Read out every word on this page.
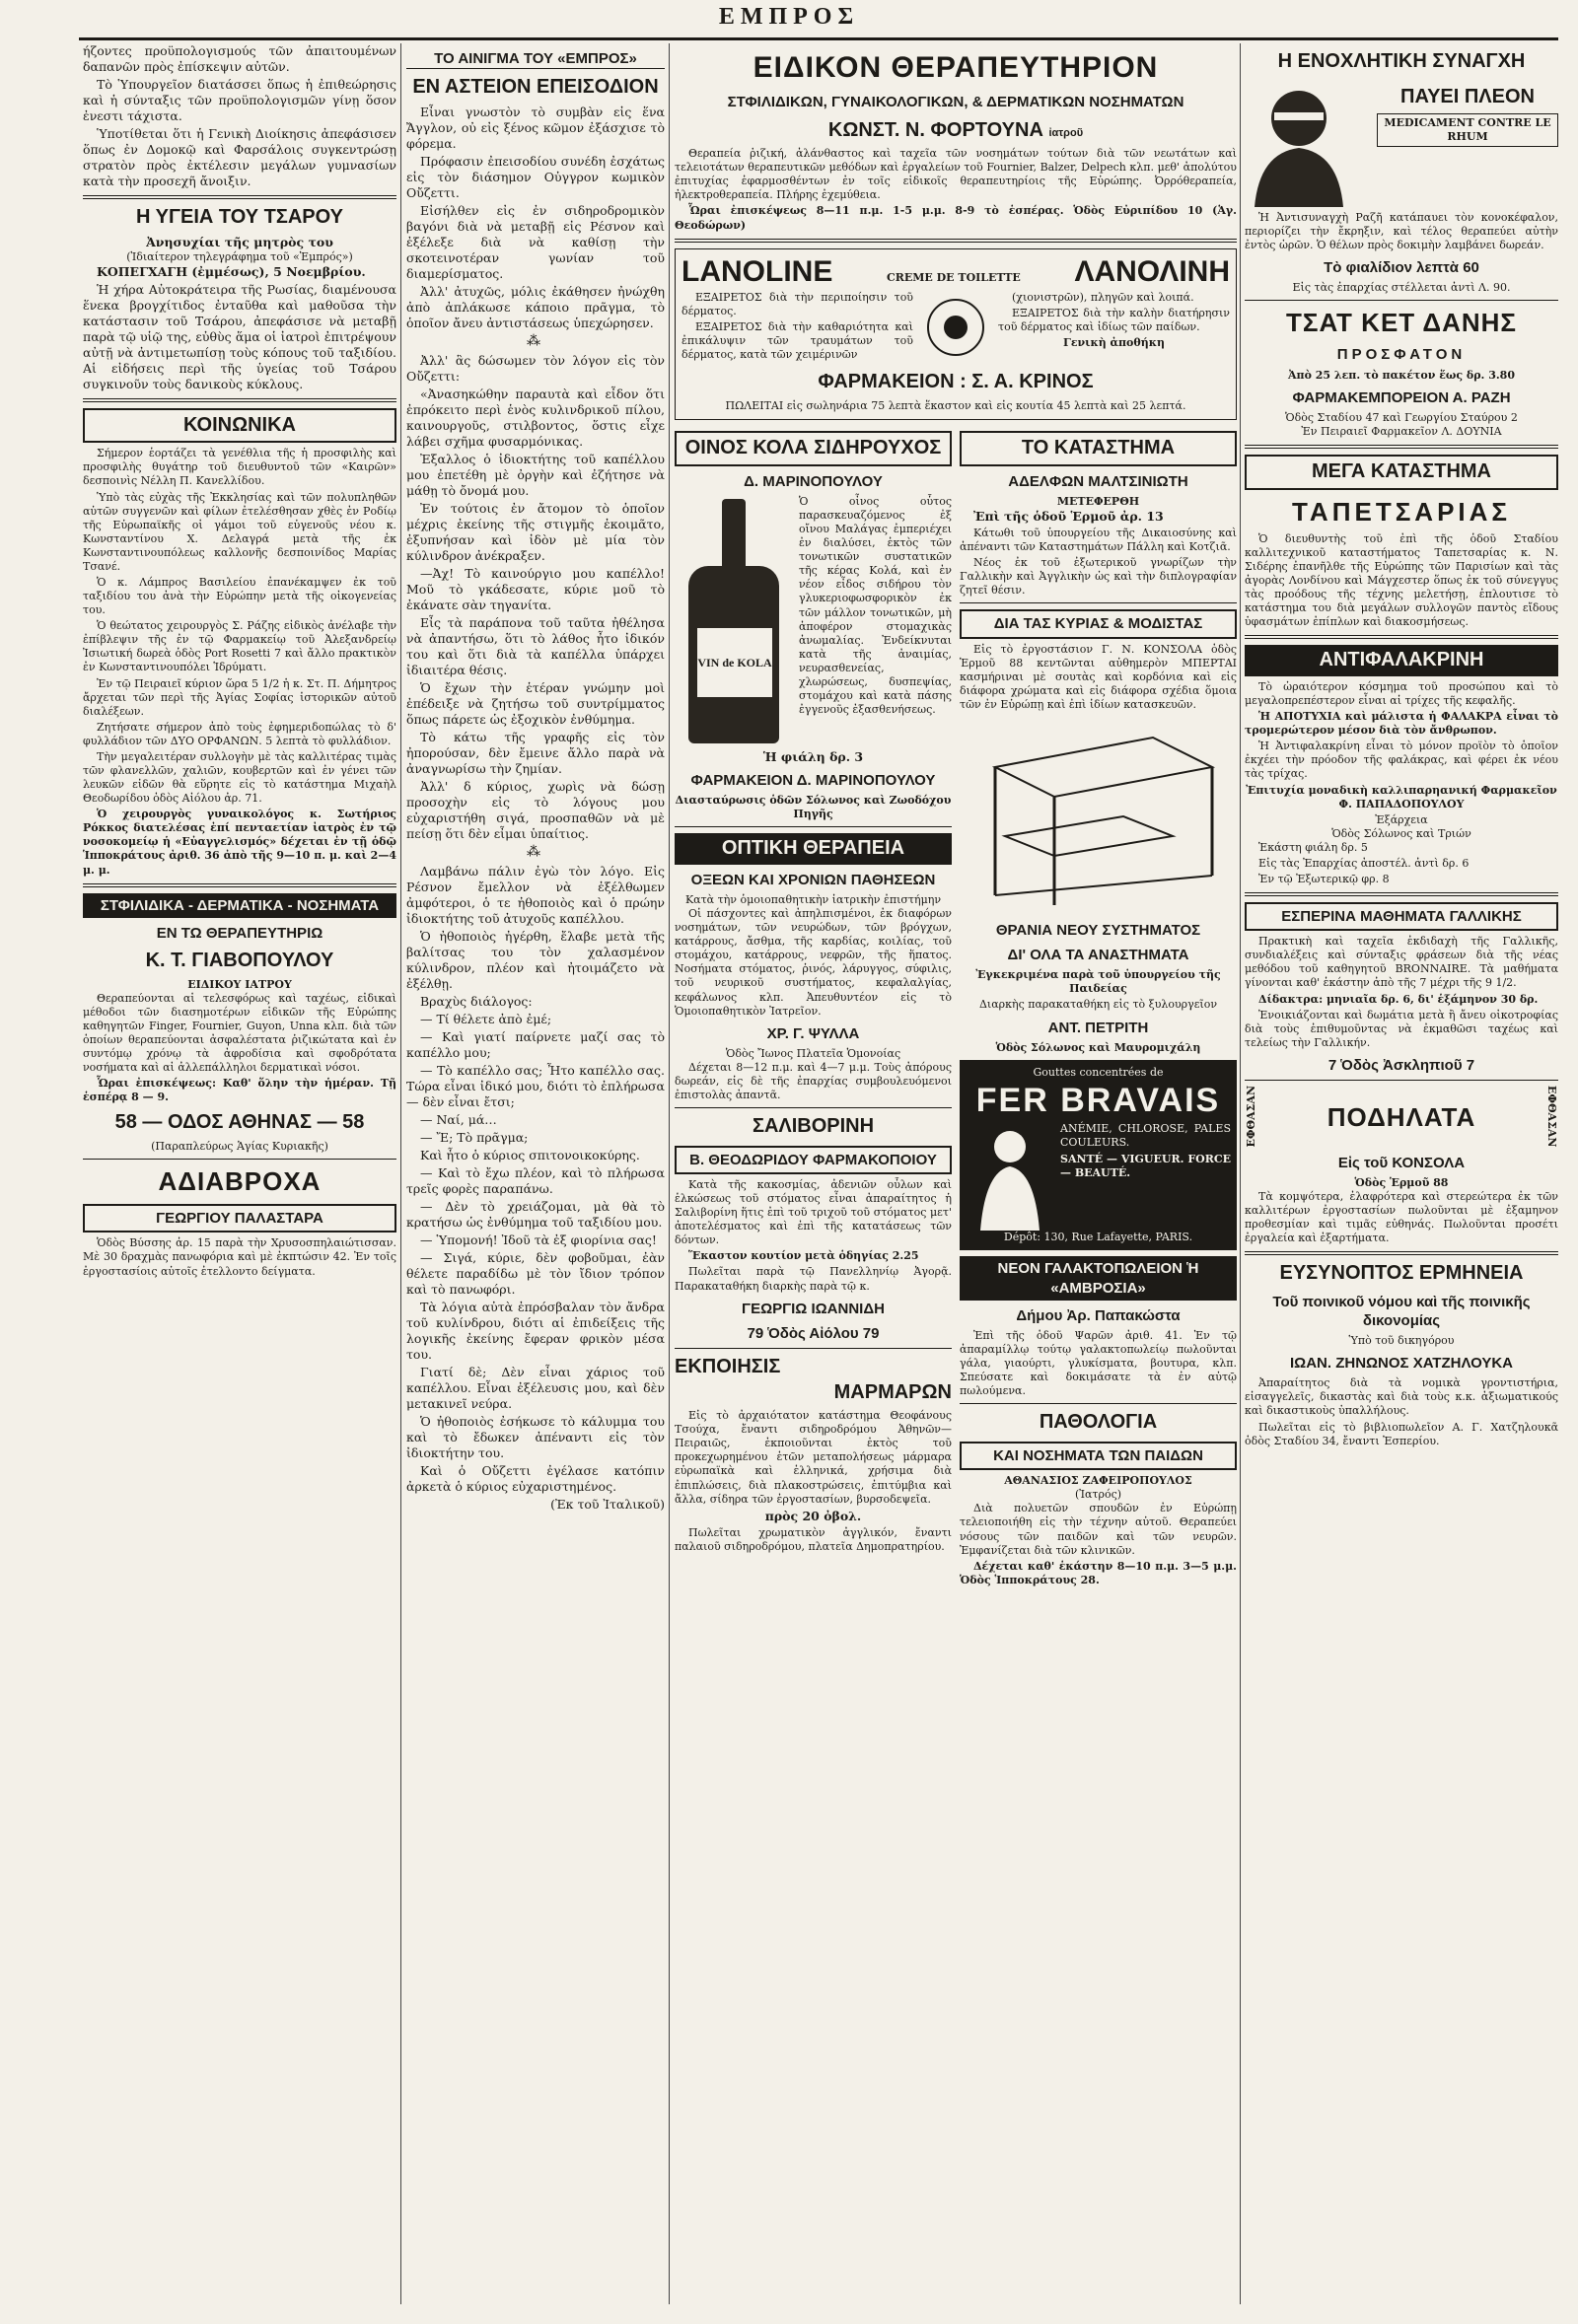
ΕΜΠΡΟΣ

ήζοντες προϋπολογισμούς τῶν ἀπαιτουμένων δαπανῶν πρὸς ἐπίσκεψιν αὐτῶν.

Τὸ Ὑπουργεῖον διατάσσει ὅπως ἡ ἐπιθεώρησις καὶ ἡ σύνταξις τῶν προϋπολογισμῶν γίνῃ ὅσον ἐνεστι τάχιστα.

Ὑποτίθεται ὅτι ἡ Γενικὴ Διοίκησις ἀπεφάσισεν ὅπως ἐν Δομοκῷ καὶ Φαρσάλοις συγκεντρώσῃ στρατὸν πρὸς ἐκτέλεσιν μεγάλων γυμνασίων κατὰ τὴν προσεχῆ ἄνοιξιν.

Η ΥΓΕΙΑ ΤΟΥ ΤΣΑΡΟΥ
Ἀνησυχίαι τῆς μητρὸς του
(Ἰδιαίτερον τηλεγράφημα τοῦ «Ἐμπρός»)

ΚΟΠΕΓΧΑΓΗ (ἐμμέσως), 5 Νοεμβρίου.

Ἡ χήρα Αὐτοκράτειρα τῆς Ρωσίας, διαμένουσα ἕνεκα βρογχίτιδος ἐνταῦθα καὶ μαθοῦσα τὴν κατάστασιν τοῦ Τσάρου, ἀπεφάσισε νὰ μεταβῇ παρὰ τῷ υἱῷ της, εὐθὺς ἅμα οἱ ἰατροὶ ἐπιτρέψουν αὐτῇ νὰ ἀντιμετωπίσῃ τοὺς κόπους τοῦ ταξιδίου. Αἱ εἰδήσεις περὶ τῆς ὑγείας τοῦ Τσάρου συγκινοῦν τοὺς δανικοὺς κύκλους.

ΚΟΙΝΩΝΙΚΑ

Σήμερον ἑορτάζει τὰ γενέθλια τῆς ἡ προσφιλὴς καὶ προσφιλὴς θυγάτηρ τοῦ διευθυντοῦ τῶν «Καιρῶν» δεσποινὶς Νέλλη Π. Κανελλίδου.

Ὑπὸ τὰς εὐχὰς τῆς Ἐκκλησίας καὶ τῶν πολυπληθῶν αὐτῶν συγγενῶν καὶ φίλων ἐτελέσθησαν χθὲς ἐν Ροδίῳ τῆς Εὐρωπαϊκῆς οἱ γάμοι τοῦ εὐγενοῦς νέου κ. Κωνσταντίνου Χ. Δελαγρά μετὰ τῆς ἐκ Κωνσταντινουπόλεως καλλονῆς δεσποινίδος Μαρίας Τσανέ.

Ὁ κ. Λάμπρος Βασιλείου ἐπανέκαμψεν ἐκ τοῦ ταξιδίου του ἀνὰ τὴν Εὐρώπην μετὰ τῆς οἰκογενείας του.

Ὁ θεώτατος χειρουργὸς Σ. Ράζης εἰδικὸς ἀνέλαβε τὴν ἐπίβλεψιν τῆς ἐν τῷ Φαρμακείῳ τοῦ Ἀλεξανδρείῳ Ἰσιωτική δωρεὰ ὁδὸς Port Rosetti 7 καὶ ἄλλο πρακτικὸν ἐν Κωνσταντινουπόλει Ἱδρύματι.

Ἐν τῷ Πειραιεῖ κύριον ὥρα 5 1/2 ἡ κ. Στ. Π. Δήμητρος ἄρχεται τῶν περὶ τῆς Ἀγίας Σοφίας ἱστορικῶν αὐτοῦ διαλέξεων.

Ζητήσατε σήμερον ἀπὸ τοὺς ἐφημεριδοπώλας τὸ δ' φυλλάδιον τῶν ΔΥΟ ΟΡΦΑΝΩΝ. 5 λεπτὰ τὸ φυλλάδιον.

Τὴν μεγαλειτέραν συλλογὴν μὲ τὰς καλλιτέρας τιμὰς τῶν φλανελλῶν, χαλιῶν, κουβερτῶν καὶ ἐν γένει τῶν λευκῶν εἰδῶν θὰ εὕρητε εἰς τὸ κατάστημα Μιχαὴλ Θεοδωρίδου ὁδὸς Αἰόλου ἀρ. 71.

Ὁ χειρουργὸς γυναικολόγος κ. Σωτήριος Ρόκκος διατελέσας ἐπί πενταετίαν ἰατρὸς ἐν τῷ νοσοκομείῳ ἡ «Εὐαγγελισμός» δέχεται ἐν τῇ ὁδῷ Ἱπποκράτους ἀριθ. 36 ἀπὸ τῆς 9—10 π. μ. καὶ 2—4 μ. μ.

ΣΤΦΙΛΙΔΙΚΑ - ΔΕΡΜΑΤΙΚΑ - ΝΟΣΗΜΑΤΑ
ΕΝ ΤΩ ΘΕΡΑΠΕΥΤΗΡΙΩ
Κ. Τ. ΓΙΑΒΟΠΟΥΛΟΥ
ΕΙΔΙΚΟΥ ΙΑΤΡΟΥ

Θεραπεύονται αἱ τελεσφόρως καὶ ταχέως, εἰδικαὶ μέθοδοι τῶν διασημοτέρων εἰδικῶν τῆς Εὐρώπης καθηγητῶν Finger, Fournier, Guyon, Unna κλπ. διὰ τῶν ὁποίων θεραπεύονται ἀσφαλέστατα ῥιζικώτατα καὶ ἐν συντόμῳ χρόνῳ τὰ ἀφροδίσια καὶ σφοδρότατα νοσήματα καὶ αἱ ἀλλεπάλληλοι δερματικαὶ νόσοι.

Ὧραι ἐπισκέψεως: Καθ' ὅλην τὴν ἡμέραν. Τῇ ἑσπέρᾳ 8 — 9.

58 — ΟΔΟΣ ΑΘΗΝΑΣ — 58
(Παραπλεύρως Ἁγίας Κυριακῆς)
ΑΔΙΑΒΡΟΧΑ
ΓΕΩΡΓΙΟΥ ΠΑΛΑΣΤΑΡΑ

Ὁδὸς Βύσσης ἀρ. 15 παρὰ τὴν Χρυσοσπηλαιώτισσαν. Μὲ 30 δραχμὰς πανωφόρια καὶ μὲ ἐκπτώσιν 42. Ἐν τοῖς ἐργοστασίοις αὐτοῖς ἐτελλοντο δείγματα.

ΤΟ ΑΙΝΙΓΜΑ ΤΟΥ «ΕΜΠΡΟΣ»
ΕΝ ΑΣΤΕΙΟΝ ΕΠΕΙΣΟΔΙΟΝ

Εἶναι γνωστὸν τὸ συμβὰν εἰς ἕνα Ἄγγλον, οὐ εἰς ξένος κῶμον ἐξάσχισε τὸ φόρεμα.

Πρόφασιν ἐπεισοδίου συνέδη ἐσχάτως εἰς τὸν διάσημον Οὐγγρον κωμικὸν Οὔζεττι.

Εἰσήλθεν εἰς ἐν σιδηροδρομικὸν βαγόνι διὰ νὰ μεταβῇ εἰς Ρέσνον καὶ ἐξέλεξε διὰ νὰ καθίσῃ τὴν σκοτεινοτέραν γωνίαν τοῦ διαμερίσματος.

Ἀλλ' ἀτυχῶς, μόλις ἐκάθησεν ἠνώχθη ἀπὸ ἀπλάκωσε κάποιο πρᾶγμα, τὸ ὁποῖον ἄνευ ἀντιστάσεως ὑπεχώρησεν.

⁂

Ἀλλ' ἃς δώσωμεν τὸν λόγον εἰς τὸν Οὔζεττι:

«Ἀνασηκώθην παραυτὰ καὶ εἶδον ὅτι ἐπρόκειτο περὶ ἑνὸς κυλινδρικοῦ πίλου, καινουργοῦς, στιλβοντος, ὅστις εἶχε λάβει σχῆμα φυσαρμόνικας.

Ἐξαλλος ὁ ἰδιοκτήτης τοῦ καπέλλου μου ἐπετέθη μὲ ὀργὴν καὶ ἐζήτησε νὰ μάθῃ τὸ ὄνομά μου.

Ἐν τούτοις ἐν ἄτομον τὸ ὁποῖον μέχρις ἐκείνης τῆς στιγμῆς ἐκοιμᾶτο, ἐξυπνήσαν καὶ ἰδὸν μὲ μία τὸν κύλινδρον ἀνέκραξεν.

—Ἀχ! Τὸ καινούργιο μου καπέλλο! Μοῦ τὸ γκάδεσατε, κύριε μοῦ τὸ ἐκάνατε σὰν τηγανίτα.

Εἶς τὰ παράπονα τοῦ ταῦτα ἠθέλησα νὰ ἀπαντήσω, ὅτι τὸ λάθος ἦτο ἰδικόν του καὶ ὅτι διὰ τὰ καπέλλα ὑπάρχει ἰδιαιτέρα θέσις.

Ὁ ἔχων τὴν ἑτέραν γνώμην μοὶ ἐπέδειξε νὰ ζητήσω τοῦ συντρίμματος ὅπως πάρετε ὡς ἐξοχικὸν ἐνθύμημα.

Τὸ κάτω τῆς γραφῆς εἰς τὸν ἠπορούσαν, δὲν ἔμεινε ἄλλο παρὰ νὰ ἀναγνωρίσω τὴν ζημίαν.

Ἀλλ' δ κύριος, χωρὶς νὰ δώσῃ προσοχὴν εἰς τὸ λόγους μου εὐχαριστήθη σιγά, προσπαθῶν νὰ μὲ πείσῃ ὅτι δὲν εἶμαι ὑπαίτιος.

⁂

Λαμβάνω πάλιν ἐγὼ τὸν λόγο. Εἰς Ρέσνον ἔμελλον νὰ ἐξέλθωμεν ἀμφότεροι, ὁ τε ἠθοποιὸς καὶ ὁ πρώην ἰδιοκτήτης τοῦ ἀτυχοῦς καπέλλου.

Ὁ ἠθοποιὸς ἠγέρθη, ἔλαβε μετὰ τῆς βαλίτσας του τὸν χαλασμένον κύλινδρον, πλέον καὶ ἠτοιμάζετο νὰ ἐξέλθῃ.

Βραχὺς διάλογος:

— Τί θέλετε ἀπὸ ἐμέ;

— Καὶ γιατί παίρνετε μαζί σας τὸ καπέλλο μου;

— Τὸ καπέλλο σας; Ἦτο καπέλλο σας. Τώρα εἶναι ἰδικό μου, διότι τὸ ἐπλήρωσα — δὲν εἶναι ἔτσι;

— Ναί, μά…

— Ἔ; Τὸ πρᾶγμα;

Καὶ ἦτο ὁ κύριος σπιτονοικοκύρης.

— Καὶ τὸ ἔχω πλέον, καὶ τὸ πλήρωσα τρεῖς φορὲς παραπάνω.

— Δὲν τὸ χρειάζομαι, μὰ θὰ τὸ κρατήσω ὡς ἐνθύμημα τοῦ ταξιδίου μου.

— Ὑπομονή! Ἰδοῦ τὰ ἐξ φιορίνια σας!

— Σιγά, κύριε, δὲν φοβοῦμαι, ἐὰν θέλετε παραδίδω μὲ τὸν ἴδιον τρόπον καὶ τὸ πανωφόρι.

Τὰ λόγια αὐτὰ ἐπρόσβαλαν τὸν ἄνδρα τοῦ κυλίνδρου, διότι αἱ ἐπιδείξεις τῆς λογικῆς ἐκείνης ἔφεραν φρικὸν μέσα του.

Γιατί δὲ; Δὲν εἶναι χάριος τοῦ καπέλλου. Εἶναι ἐξέλευσις μου, καὶ δὲν μετακινεῖ νεύρα.

Ὁ ἠθοποιὸς ἐσήκωσε τὸ κάλυμμα του καὶ τὸ ἔδωκεν ἀπέναντι εἰς τὸν ἰδιοκτήτην του.

Καὶ ὁ Οὔζεττι ἐγέλασε κατόπιν ἀρκετὰ ὁ κύριος εὐχαριστημένος.

(Ἐκ τοῦ Ἰταλικοῦ)
ΕΙΔΙΚΟΝ ΘΕΡΑΠΕΥΤΗΡΙΟΝ
ΣΤΦΙΛΙΔΙΚΩΝ, ΓΥΝΑΙΚΟΛΟΓΙΚΩΝ, & ΔΕΡΜΑΤΙΚΩΝ ΝΟΣΗΜΑΤΩΝ
ΚΩΝΣΤ. Ν. ΦΟΡΤΟΥΝΑ ἰατροῦ

Θεραπεία ῥιζική, ἀλάνθαστος καὶ ταχεῖα τῶν νοσημάτων τούτων διὰ τῶν νεωτάτων καὶ τελειοτάτων θεραπευτικῶν μεθόδων καὶ ἐργαλείων τοῦ Fournier, Balzer, Delpech κλπ. μεθ' ἀπολύτου ἐπιτυχίας ἐφαρμοσθέντων ἐν τοῖς εἰδικοῖς θεραπευτηρίοις τῆς Εὐρώπης. Ὀρρόθεραπεία, ἠλεκτροθεραπεία. Πλήρης ἐχεμύθεια.

Ὧραι ἐπισκέψεως 8—11 π.μ. 1-5 μ.μ. 8-9 τὸ ἑσπέρας. Ὁδὸς Εὐριπίδου 10 (Ἁγ. Θεοδώρων)

LANOLINE	CREME DE TOILETTE ΛΑΝΟΛΙΝΗ

ΕΞΑΙΡΕΤΟΣ διὰ τὴν περιποίησιν τοῦ δέρματος.

ΕΞΑΙΡΕΤΟΣ διὰ τὴν καθαριότητα καὶ ἐπικάλυψιν τῶν τραυμάτων τοῦ δέρματος, κατὰ τῶν χειμέρινῶν

(χιονιστρῶν), πληγῶν καὶ λοιπά.

ΕΞΑΙΡΕΤΟΣ διὰ τὴν καλὴν διατήρησιν τοῦ δέρματος καὶ ἰδίως τῶν παίδων.

Γενικὴ ἀποθήκη

ΦΑΡΜΑΚΕΙΟΝ : Σ. Α. ΚΡΙΝΟΣ

ΠΩΛΕΙΤΑΙ εἰς σωληνάρια 75 λεπτὰ ἕκαστον καὶ εἰς κουτία 45 λεπτὰ καὶ 25 λεπτά.

ΟΙΝΟΣ ΚΟΛΑ ΣΙΔΗΡΟΥΧΟΣ
Δ. ΜΑΡΙΝΟΠΟΥΛΟΥ
VIN de KOLA

Ὁ οἶνος οὗτος παρασκευαζόμενος ἐξ οἴνου Μαλάγας ἐμπεριέχει ἐν διαλύσει, ἐκτὸς τῶν τονωτικῶν συστατικῶν τῆς κέρας Κολά, καὶ ἐν νέον εἶδος σιδήρου τὸν γλυκεριοφωσφορικὸν ἐκ τῶν μάλλον τονωτικῶν, μὴ ἀποφέρον στομαχικὰς ἀνωμαλίας. Ἐνδείκνυται κατὰ τῆς ἀναιμίας, νευρασθενείας, χλωρώσεως, δυσπεψίας, στομάχου καὶ κατὰ πάσης ἐγγενοῦς ἐξασθενήσεως.

Ἡ φιάλη δρ. 3

ΦΑΡΜΑΚΕΙΟΝ Δ. ΜΑΡΙΝΟΠΟΥΛΟΥ
Διασταύρωσις ὁδῶν Σόλωνος καὶ Ζωοδόχου Πηγῆς
ΟΠΤΙΚΗ ΘΕΡΑΠΕΙΑ
ΟΞΕΩΝ ΚΑΙ ΧΡΟΝΙΩΝ ΠΑΘΗΣΕΩΝ
Κατὰ τὴν ὁμοιοπαθητικὴν ἰατρικὴν ἐπιστήμην

Οἱ πάσχοντες καὶ ἀπηλπισμένοι, ἐκ διαφόρων νοσημάτων, τῶν νευρώδων, τῶν βρόγχων, κατάρρους, ἄσθμα, τῆς καρδίας, κοιλίας, τοῦ στομάχου, κατάρρους, νεφρῶν, τῆς ἥπατος. Νοσήματα στόματος, ῥινός, λάρυγγος, σύφιλις, τοῦ νευρικοῦ συστήματος, κεφαλαλγίας, κεφάλωνος κλπ. Ἀπευθυντέον εἰς τὸ Ὁμοιοπαθητικὸν Ἰατρεῖον.

ΧΡ. Γ. ΨΥΛΛΑ
Ὁδὸς Ἴωνος Πλατεῖα Ὁμονοίας

Δέχεται 8—12 π.μ. καὶ 4—7 μ.μ. Τοὺς ἀπόρους δωρεάν, εἰς δὲ τῆς ἐπαρχίας συμβουλευόμενοι ἐπιστολὰς ἀπαντᾶ.

ΣΑΛΙΒΟΡΙΝΗ
Β. ΘΕΟΔΩΡΙΔΟΥ ΦΑΡΜΑΚΟΠΟΙΟΥ

Κατὰ τῆς κακοσμίας, ἀδενιῶν οὖλων καὶ ἑλκώσεως τοῦ στόματος εἶναι ἀπαραίτητος ἡ Σαλιβορίνη ἥτις ἐπὶ τοῦ τριχοῦ τοῦ στόματος μετ' ἀποτελέσματος καὶ ἐπὶ τῆς κατατάσεως τῶν δόντων.

Ἕκαστον κουτίον μετὰ ὁδηγίας 2.25

Πωλεῖται παρὰ τῷ Πανελληνίῳ Ἀγορᾷ. Παρακαταθήκη διαρκὴς παρὰ τῷ κ.

ΓΕΩΡΓΙΩ ΙΩΑΝΝΙΔΗ
79 Ὁδὸς Αἰόλου 79
ΕΚΠΟΙΗΣΙΣ
ΜΑΡΜΑΡΩΝ

Εἰς τὸ ἀρχαιότατον κατάστημα Θεοφάνους Τσούχα, ἔναντι σιδηροδρόμου Ἀθηνῶν—Πειραιῶς, ἐκποιοῦνται ἐκτὸς τοῦ προκεχωρημένου ἑτῶν μεταπολήσεως μάρμαρα εὐρωπαϊκὰ καὶ ἑλληνικά, χρήσιμα διὰ ἐπιπλώσεις, διὰ πλακοστρώσεις, ἐπιτύμβια καὶ ἄλλα, σίδηρα τῶν ἐργοστασίων, βυρσοδεψεῖα.

πρὸς 20 ὀβολ.

Πωλεῖται χρωματικὸν ἀγγλικόν, ἔναντι παλαιοῦ σιδηροδρόμου, πλατεῖα Δημοπρατηρίου.

ΤΟ ΚΑΤΑΣΤΗΜΑ
ΑΔΕΛΦΩΝ ΜΑΛΤΣΙΝΙΩΤΗ
ΜΕΤΕΦΕΡΘΗ

Ἐπὶ τῆς ὁδοῦ Ἑρμοῦ ἀρ. 13

Κάτωθι τοῦ ὑπουργείου τῆς Δικαιοσύνης καὶ ἀπέναντι τῶν Καταστημάτων Πάλλη καὶ Κοτζιᾶ.

Νέος ἐκ τοῦ ἐξωτερικοῦ γνωρίζων τὴν Γαλλικὴν καὶ Ἀγγλικὴν ὡς καὶ τὴν διπλογραφίαν ζητεῖ θέσιν.

ΔΙΑ ΤΑΣ ΚΥΡΙΑΣ & ΜΟΔΙΣΤΑΣ

Εἰς τὸ ἐργοστάσιον Γ. Ν. ΚΟΝΣΟΛΑ ὁδὸς Ἑρμοῦ 88 κεντῶνται αὐθημερὸν ΜΠΕΡΤΑΙ κασμήριναι μὲ σουτὰς καὶ κορδόνια καὶ εἰς διάφορα χρώματα καὶ εἰς διάφορα σχέδια ὅμοια τῶν ἐν Εὐρώπῃ καὶ ἐπὶ ἰδίων κατασκευῶν.

ΘΡΑΝΙΑ ΝΕΟΥ ΣΥΣΤΗΜΑΤΟΣ
ΔΙ' ΟΛΑ ΤΑ ΑΝΑΣΤΗΜΑΤΑ

Ἐγκεκριμένα παρὰ τοῦ ὑπουργείου τῆς Παιδείας

Διαρκὴς παρακαταθήκη εἰς τὸ ξυλουργεῖον

ΑΝΤ. ΠΕΤΡΙΤΗ
Ὁδὸς Σόλωνος καὶ Μαυρομιχάλη
Gouttes concentrées de
FER BRAVAIS

ANÉMIE, CHLOROSE, PALES COULEURS.

SANTÉ — VIGUEUR. FORCE — BEAUTÉ.

Dépôt: 130, Rue Lafayette, PARIS.
ΝΕΟΝ ΓΑΛΑΚΤΟΠΩΛΕΙΟΝ Ἡ «ΑΜΒΡΟΣΙΑ»
Δήμου Ἀρ. Παπακώστα

Ἐπὶ τῆς ὁδοῦ Ψαρῶν ἀριθ. 41. Ἐν τῷ ἀπαραμίλλῳ τούτῳ γαλακτοπωλείῳ πωλοῦνται γάλα, γιαούρτι, γλυκίσματα, βουτυρα, κλπ. Σπεύσατε καὶ δοκιμάσατε τὰ ἐν αὐτῷ πωλούμενα.

ΠΑΘΟΛΟΓΙΑ
ΚΑΙ ΝΟΣΗΜΑΤΑ ΤΩΝ ΠΑΙΔΩΝ
ΑΘΑΝΑΣΙΟΣ ΖΑΦΕΙΡΟΠΟΥΛΟΣ
(Ἰατρός)

Διὰ πολυετῶν σπουδῶν ἐν Εὐρώπῃ τελειοποιήθη εἰς τὴν τέχνην αὐτοῦ. Θεραπεύει νόσους τῶν παιδῶν καὶ τῶν νευρῶν. Ἐμφανίζεται διὰ τῶν κλινικῶν.

Δέχεται καθ' ἑκάστην 8—10 π.μ. 3—5 μ.μ. Ὁδὸς Ἱπποκράτους 28.

Η ΕΝΟΧΛΗΤΙΚΗ ΣΥΝΑΓΧΗ
ΠΑΥΕΙ ΠΛΕΟΝ
MEDICAMENT CONTRE LE RHUM

Ἡ Ἀντισυναγχὴ Ραζῆ κατάπαυει τὸν κονοκέφαλον, περιορίζει τὴν ἔκρηξιν, καὶ τέλος θεραπεύει αὐτὴν ἐντὸς ὡρῶν. Ὁ θέλων πρὸς δοκιμὴν λαμβάνει δωρεάν.

Τὸ φιαλίδιον λεπτὰ 60

Εἰς τὰς ἐπαρχίας στέλλεται ἀντὶ Λ. 90.

ΤΣΑΤ ΚΕΤ ΔΑΝΗΣ
ΠΡΟΣΦΑΤΟΝ

Ἀπὸ 25 λεπ. τὸ πακέτον ἕως δρ. 3.80

ΦΑΡΜΑΚΕΜΠΟΡΕΙΟΝ Α. ΡΑΖΗ
Ὁδὸς Σταδίου 47 καὶ Γεωργίου Σταύρου 2
Ἐν Πειραιεῖ Φαρμακεῖον Λ. ΔΟΥΝΙΑ
ΜΕΓΑ ΚΑΤΑΣΤΗΜΑ
ΤΑΠΕΤΣΑΡΙΑΣ

Ὁ διευθυντὴς τοῦ ἐπὶ τῆς ὁδοῦ Σταδίου καλλιτεχνικοῦ καταστήματος Ταπετσαρίας κ. Ν. Σιδέρης ἐπανῆλθε τῆς Εὐρώπης τῶν Παρισίων καὶ τὰς ἀγορὰς Λονδίνου καὶ Μάγχεστερ ὅπως ἐκ τοῦ σύνεγγυς τὰς προόδους τῆς τέχνης μελετήσῃ, ἐπλουτισε τὸ κατάστημα του διὰ μεγάλων συλλογῶν παντὸς εἴδους ὑφασμάτων ἐπίπλων καὶ διακοσμήσεως.

ΑΝΤΙΦΑΛΑΚΡΙΝΗ

Τὸ ὡραιότερον κόσμημα τοῦ προσώπου καὶ τὸ μεγαλοπρεπέστερον εἶναι αἱ τρίχες τῆς κεφαλῆς.

Ἡ ΑΠΟΤΥΧΙΑ καὶ μάλιστα ἡ ΦΑΛΑΚΡΑ εἶναι τὸ τρομερώτερον μέσον διὰ τὸν ἄνθρωπον.

Ἡ Ἀντιφαλακρίνη εἶναι τὸ μόνον προϊὸν τὸ ὁποῖον ἐκχέει τὴν πρόοδον τῆς φαλάκρας, καὶ φέρει ἐκ νέου τὰς τρίχας.

Ἐπιτυχία μοναδικὴ καλλιπαρηανική Φαρμακεῖον Φ. ΠΑΠΑΔΟΠΟΥΛΟΥ

Ἐξάρχεια
Ὁδὸς Σόλωνος καὶ Τριών

Ἑκάστη φιάλη δρ. 5

Εἰς τὰς Ἐπαρχίας ἀποστέλ. ἀντὶ δρ. 6

Ἐν τῷ Ἐξωτερικῷ φρ. 8

ΕΣΠΕΡΙΝΑ ΜΑΘΗΜΑΤΑ ΓΑΛΛΙΚΗΣ

Πρακτικὴ καὶ ταχεῖα ἐκδιδαχὴ τῆς Γαλλικῆς, συνδιαλέξεις καὶ σύνταξις φράσεων διὰ τῆς νέας μεθόδου τοῦ καθηγητοῦ BRONNAIRE. Τὰ μαθήματα γίνονται καθ' ἑκάστην ἀπὸ τῆς 7 μέχρι τῆς 9 1/2.

Δίδακτρα: μηνιαῖα δρ. 6, δι' ἑξάμηνον 30 δρ.

Ἐνοικιάζονται καὶ δωμάτια μετὰ ἢ ἄνευ οἰκοτροφίας διὰ τοὺς ἐπιθυμοῦντας νὰ ἐκμαθῶσι ταχέως καὶ τελείως τὴν Γαλλικήν.

7 Ὁδὸς Ἀσκληπιοῦ 7
ΕΦΘΑΣΑΝ	ΠΟΔΗΛΑΤΑ	ΕΦΘΑΣΑΝ
Εἰς τοῦ ΚΟΝΣΟΛΑ
Ὁδὸς Ἑρμοῦ 88

Τὰ κομψότερα, ἐλαφρότερα καὶ στερεώτερα ἐκ τῶν καλλιτέρων ἐργοστασίων πωλοῦνται μὲ ἐξαμηνον προθεσμίαν καὶ τιμᾶς εὐθηνάς. Πωλοῦνται προσέτι ἐργαλεία καὶ ἐξαρτήματα.

ΕΥΣΥΝΟΠΤΟΣ ΕΡΜΗΝΕΙΑ
Τοῦ ποινικοῦ νόμου καὶ τῆς ποινικῆς δικονομίας
Ὑπὸ τοῦ δικηγόρου
ΙΩΑΝ. ΖΗΝΩΝΟΣ ΧΑΤΖΗΛΟΥΚΑ

Ἀπαραίτητος διὰ τὰ νομικὰ γροντιστήρια, εἰσαγγελεῖς, δικαστὰς καὶ διὰ τοὺς κ.κ. ἀξιωματικούς καὶ δικαστικοὺς ὑπαλλήλους.

Πωλεῖται εἰς τὸ βιβλιοπωλεῖον Α. Γ. Χατζηλουκᾶ ὁδὸς Σταδίου 34, ἔναντι Ἐσπερίου.
